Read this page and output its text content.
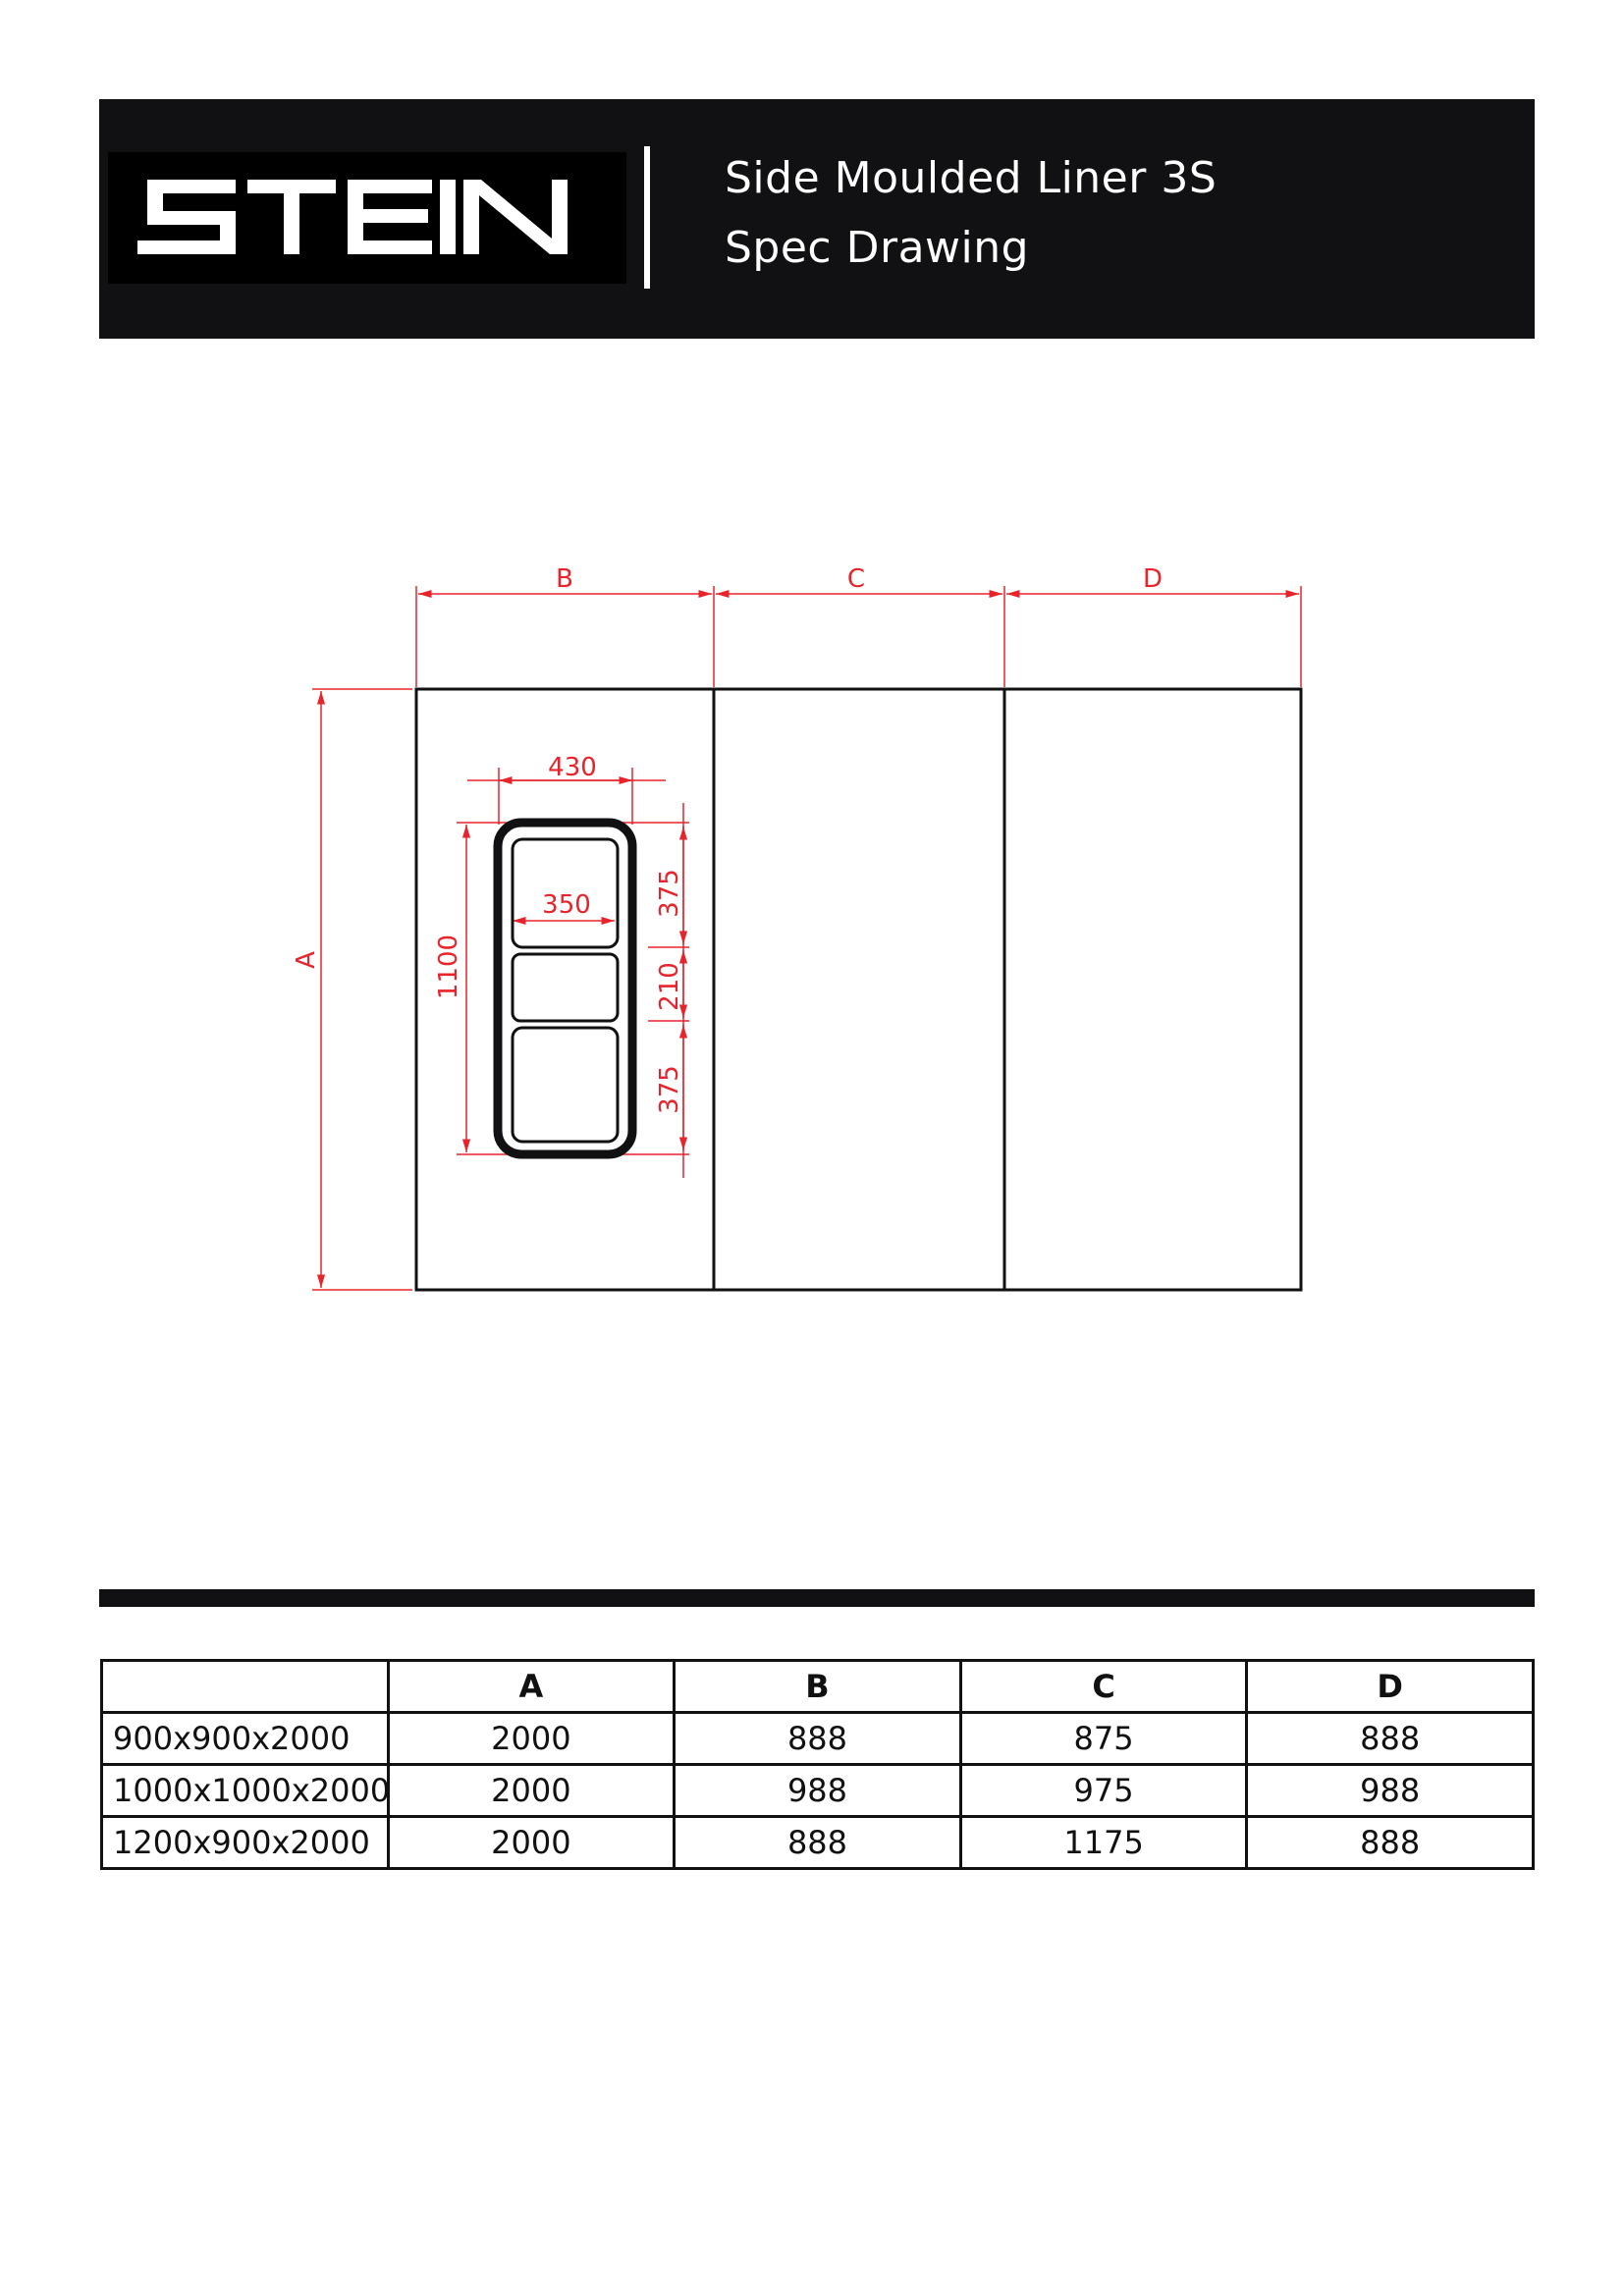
Side Moulded Liner 3S
Spec Drawing
B	C	D
A
430
350
1100
375
210
375
	A	B	C	D
900x900x2000	2000	888	875	888
1000x1000x2000	2000	988	975	988
1200x900x2000	2000	888	1175	888
